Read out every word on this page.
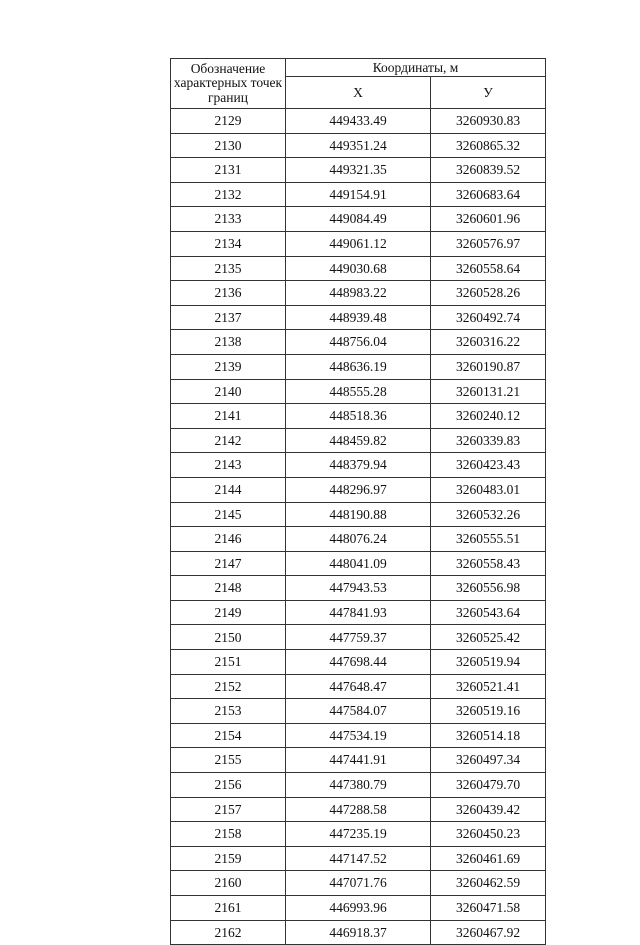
Обозначение характерных точек границ	Координаты, м	
	X	У
2129	449433.49	3260930.83
2130	449351.24	3260865.32
2131	449321.35	3260839.52
2132	449154.91	3260683.64
2133	449084.49	3260601.96
2134	449061.12	3260576.97
2135	449030.68	3260558.64
2136	448983.22	3260528.26
2137	448939.48	3260492.74
2138	448756.04	3260316.22
2139	448636.19	3260190.87
2140	448555.28	3260131.21
2141	448518.36	3260240.12
2142	448459.82	3260339.83
2143	448379.94	3260423.43
2144	448296.97	3260483.01
2145	448190.88	3260532.26
2146	448076.24	3260555.51
2147	448041.09	3260558.43
2148	447943.53	3260556.98
2149	447841.93	3260543.64
2150	447759.37	3260525.42
2151	447698.44	3260519.94
2152	447648.47	3260521.41
2153	447584.07	3260519.16
2154	447534.19	3260514.18
2155	447441.91	3260497.34
2156	447380.79	3260479.70
2157	447288.58	3260439.42
2158	447235.19	3260450.23
2159	447147.52	3260461.69
2160	447071.76	3260462.59
2161	446993.96	3260471.58
2162	446918.37	3260467.92
